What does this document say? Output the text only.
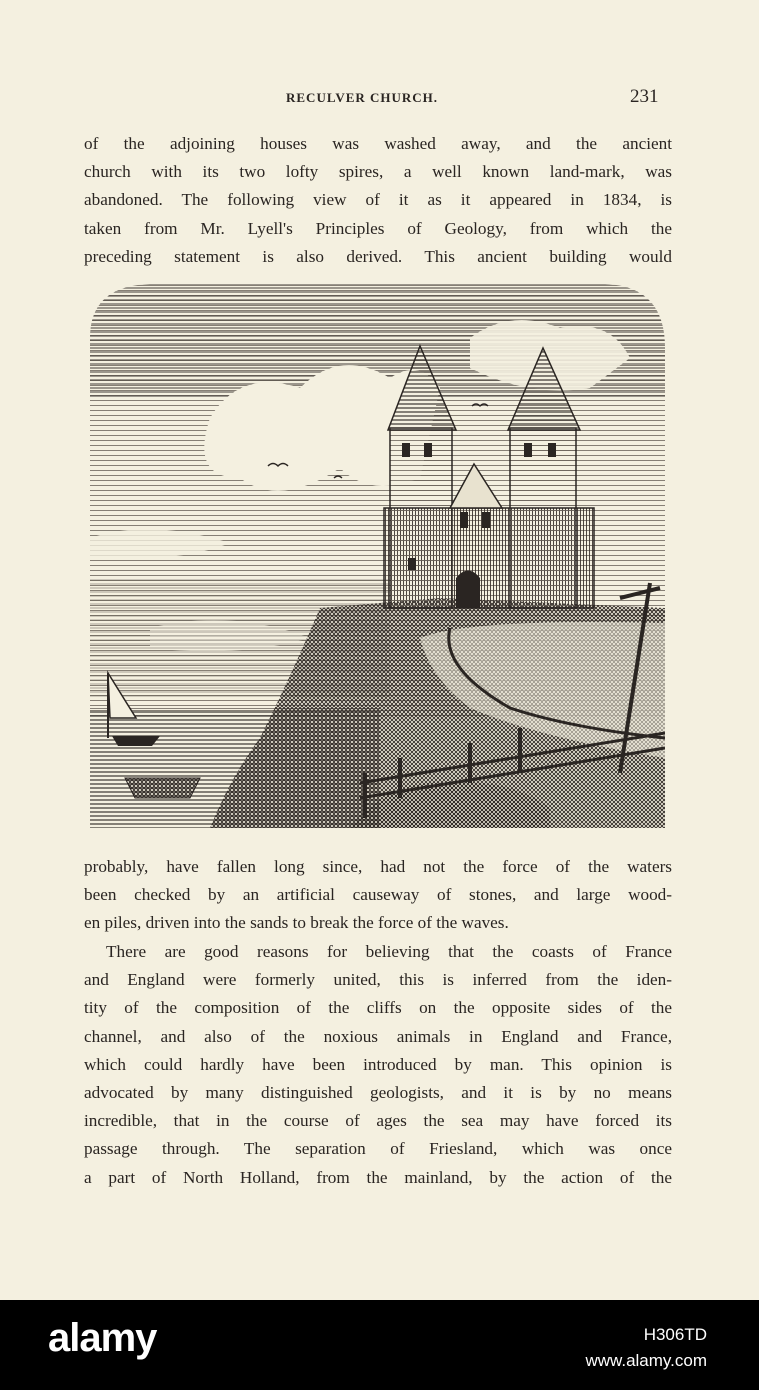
RECULVER CHURCH.	231
of the adjoining houses was washed away, and the ancient
church with its two lofty spires, a well known land-mark, was
abandoned. The following view of it as it appeared in 1834, is
taken from Mr. Lyell's Principles of Geology, from which the
preceding statement is also derived. This ancient building would
probably, have fallen long since, had not the force of the waters
been checked by an artificial causeway of stones, and large wood-
en piles, driven into the sands to break the force of the waves.
There are good reasons for believing that the coasts of France
and England were formerly united, this is inferred from the iden-
tity of the composition of the cliffs on the opposite sides of the
channel, and also of the noxious animals in England and France,
which could hardly have been introduced by man. This opinion is
advocated by many distinguished geologists, and it is by no means
incredible, that in the course of ages the sea may have forced its
passage through. The separation of Friesland, which was once
a part of North Holland, from the mainland, by the action of the
alamy	H306TD
www.alamy.com
